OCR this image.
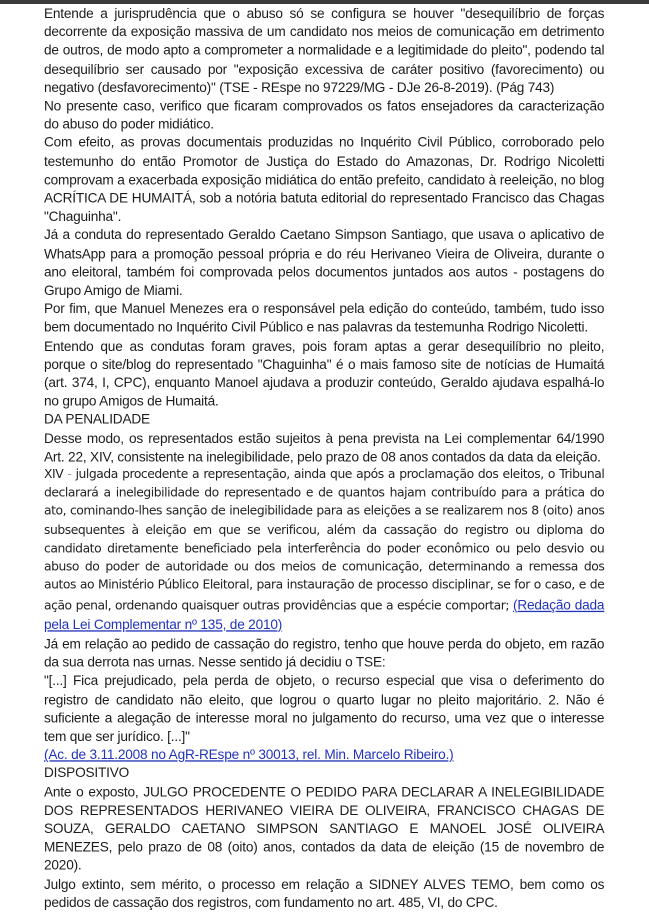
Entende a jurisprudência que o abuso só se configura se houver "desequilíbrio de forças decorrente da exposição massiva de um candidato nos meios de comunicação em detrimento de outros, de modo apto a comprometer a normalidade e a legitimidade do pleito", podendo tal desequilíbrio ser causado por "exposição excessiva de caráter positivo (favorecimento) ou negativo (desfavorecimento)" (TSE - REspe no 97229/MG - DJe 26-8-2019). (Pág 743)

No presente caso, verifico que ficaram comprovados os fatos ensejadores da caracterização do abuso do poder midiático.

Com efeito, as provas documentais produzidas no Inquérito Civil Público, corroborado pelo testemunho do então Promotor de Justiça do Estado do Amazonas, Dr. Rodrigo Nicoletti comprovam a exacerbada exposição midiática do então prefeito, candidato à reeleição, no blog ACRÍTICA DE HUMAITÁ, sob a notória batuta editorial do representado Francisco das Chagas "Chaguinha".

Já a conduta do representado Geraldo Caetano Simpson Santiago, que usava o aplicativo de WhatsApp para a promoção pessoal própria e do réu Herivaneo Vieira de Oliveira, durante o ano eleitoral, também foi comprovada pelos documentos juntados aos autos - postagens do Grupo Amigo de Miami.

Por fim, que Manuel Menezes era o responsável pela edição do conteúdo, também, tudo isso bem documentado no Inquérito Civil Público e nas palavras da testemunha Rodrigo Nicoletti.

Entendo que as condutas foram graves, pois foram aptas a gerar desequilíbrio no pleito, porque o site/blog do representado "Chaguinha" é o mais famoso site de notícias de Humaitá (art. 374, I, CPC), enquanto Manoel ajudava a produzir conteúdo, Geraldo ajudava espalhá-lo no grupo Amigos de Humaitá.

DA PENALIDADE

Desse modo, os representados estão sujeitos à pena prevista na Lei complementar 64/1990 Art. 22, XIV, consistente na inelegibilidade, pelo prazo de 08 anos contados da data da eleição.

XIV - julgada procedente a representação, ainda que após a proclamação dos eleitos, o Tribunal declarará a inelegibilidade do representado e de quantos hajam contribuído para a prática do ato, cominando-lhes sanção de inelegibilidade para as eleições a se realizarem nos 8 (oito) anos subsequentes à eleição em que se verificou, além da cassação do registro ou diploma do candidato diretamente beneficiado pela interferência do poder econômico ou pelo desvio ou abuso do poder de autoridade ou dos meios de comunicação, determinando a remessa dos autos ao Ministério Público Eleitoral, para instauração de processo disciplinar, se for o caso, e de ação penal, ordenando quaisquer outras providências que a espécie comportar; (Redação dada pela Lei Complementar nº 135, de 2010)

Já em relação ao pedido de cassação do registro, tenho que houve perda do objeto, em razão da sua derrota nas urnas. Nesse sentido já decidiu o TSE:

"[...] Fica prejudicado, pela perda de objeto, o recurso especial que visa o deferimento do registro de candidato não eleito, que logrou o quarto lugar no pleito majoritário. 2. Não é suficiente a alegação de interesse moral no julgamento do recurso, uma vez que o interesse tem que ser jurídico. [...]"

(Ac. de 3.11.2008 no AgR-REspe nº 30013, rel. Min. Marcelo Ribeiro.)

DISPOSITIVO

Ante o exposto, JULGO PROCEDENTE O PEDIDO PARA DECLARAR A INELEGIBILIDADE DOS REPRESENTADOS HERIVANEO VIEIRA DE OLIVEIRA, FRANCISCO CHAGAS DE SOUZA, GERALDO CAETANO SIMPSON SANTIAGO E MANOEL JOSÉ OLIVEIRA MENEZES, pelo prazo de 08 (oito) anos, contados da data de eleição (15 de novembro de 2020).

Julgo extinto, sem mérito, o processo em relação a SIDNEY ALVES TEMO, bem como os pedidos de cassação dos registros, com fundamento no art. 485, VI, do CPC.
